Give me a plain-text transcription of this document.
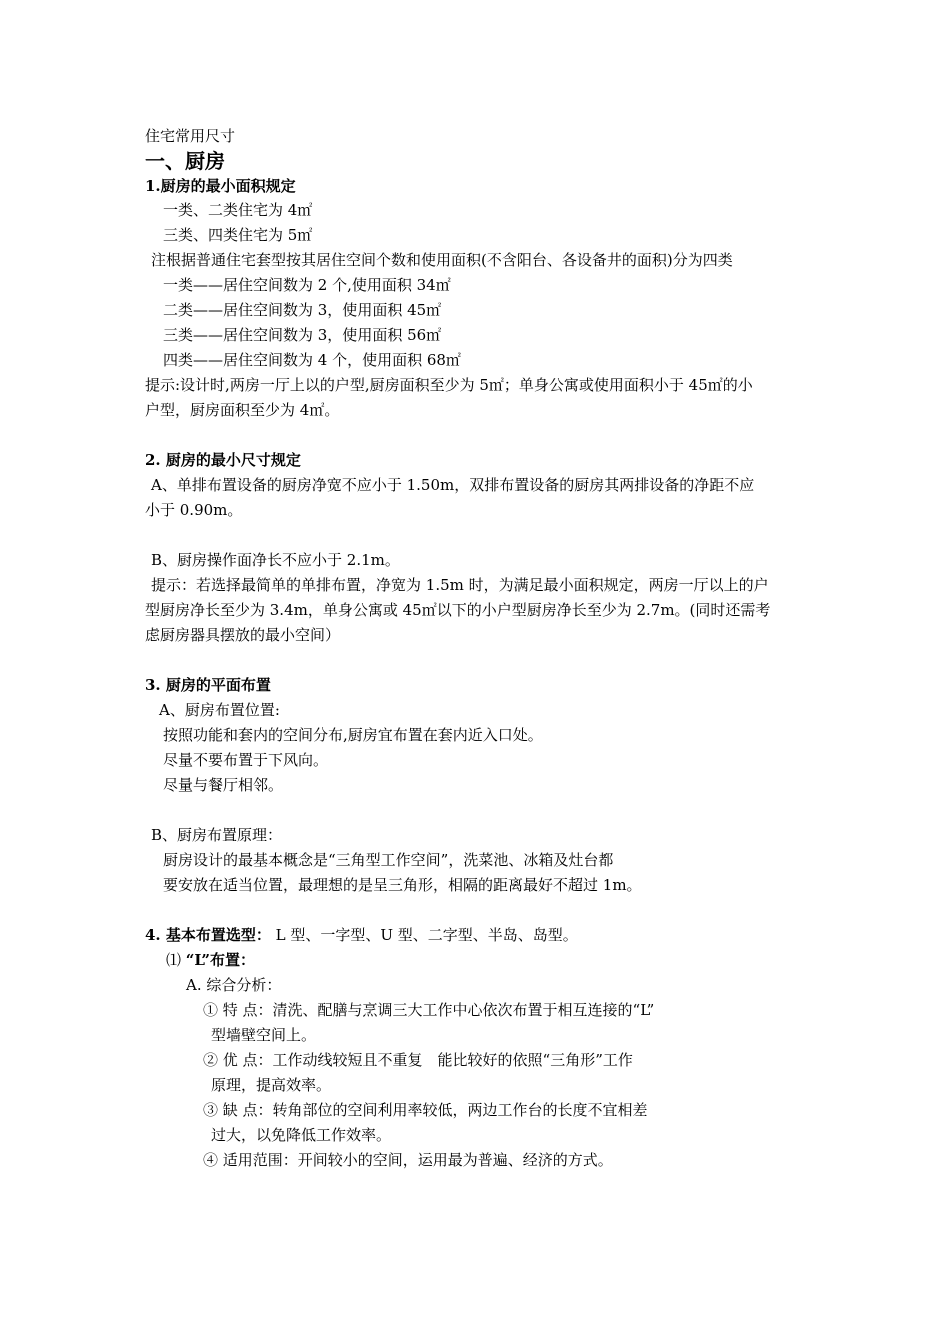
住宅常用尺寸
一、厨房
1.厨房的最小面积规定
一类、二类住宅为 4㎡
三类、四类住宅为 5㎡
注根据普通住宅套型按其居住空间个数和使用面积(不含阳台、各设备井的面积)分为四类
一类——居住空间数为 2 个,使用面积 34㎡
二类——居住空间数为 3，使用面积 45㎡
三类——居住空间数为 3，使用面积 56㎡
四类——居住空间数为 4 个，使用面积 68㎡
提示:设计时,两房一厅上以的户型,厨房面积至少为 5㎡；单身公寓或使用面积小于 45㎡的小
户型，厨房面积至少为 4㎡。
2. 厨房的最小尺寸规定
A、单排布置设备的厨房净宽不应小于 1.50m，双排布置设备的厨房其两排设备的净距不应
小于 0.90m。
B、厨房操作面净长不应小于 2.1m。
提示：若选择最简单的单排布置，净宽为 1.5m 时，为满足最小面积规定，两房一厅以上的户
型厨房净长至少为 3.4m，单身公寓或 45㎡以下的小户型厨房净长至少为 2.7m。(同时还需考
虑厨房器具摆放的最小空间）
3. 厨房的平面布置
A、厨房布置位置:
按照功能和套内的空间分布,厨房宜布置在套内近入口处。
尽量不要布置于下风向。
尽量与餐厅相邻。
B、厨房布置原理：
厨房设计的最基本概念是“三角型工作空间”，洗菜池、冰箱及灶台都
要安放在适当位置，最理想的是呈三角形，相隔的距离最好不超过 1m。
4. 基本布置选型： L 型、一字型、U 型、二字型、半岛、岛型。
⑴ “L”布置：
A. 综合分析：
① 特 点：清洗、配膳与烹调三大工作中心依次布置于相互连接的“L”
型墙壁空间上。
② 优 点：工作动线较短且不重复　能比较好的依照“三角形”工作
原理，提高效率。
③ 缺 点：转角部位的空间利用率较低，两边工作台的长度不宜相差
过大，以免降低工作效率。
④ 适用范围：开间较小的空间，运用最为普遍、经济的方式。
